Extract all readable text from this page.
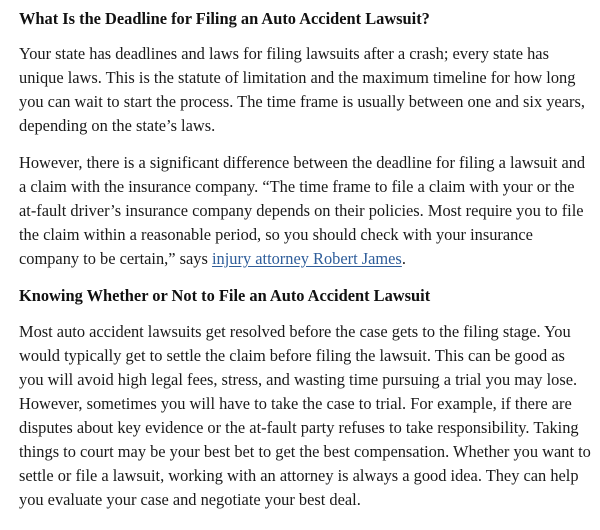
What Is the Deadline for Filing an Auto Accident Lawsuit?

Your state has deadlines and laws for filing lawsuits after a crash; every state has unique laws. This is the statute of limitation and the maximum timeline for how long you can wait to start the process. The time frame is usually between one and six years, depending on the state’s laws.

However, there is a significant difference between the deadline for filing a lawsuit and a claim with the insurance company. “The time frame to file a claim with your or the at-fault driver’s insurance company depends on their policies. Most require you to file the claim within a reasonable period, so you should check with your insurance company to be certain,” says injury attorney Robert James.

Knowing Whether or Not to File an Auto Accident Lawsuit

Most auto accident lawsuits get resolved before the case gets to the filing stage. You would typically get to settle the claim before filing the lawsuit. This can be good as you will avoid high legal fees, stress, and wasting time pursuing a trial you may lose. However, sometimes you will have to take the case to trial. For example, if there are disputes about key evidence or the at-fault party refuses to take responsibility. Taking things to court may be your best bet to get the best compensation. Whether you want to settle or file a lawsuit, working with an attorney is always a good idea. They can help you evaluate your case and negotiate your best deal.
